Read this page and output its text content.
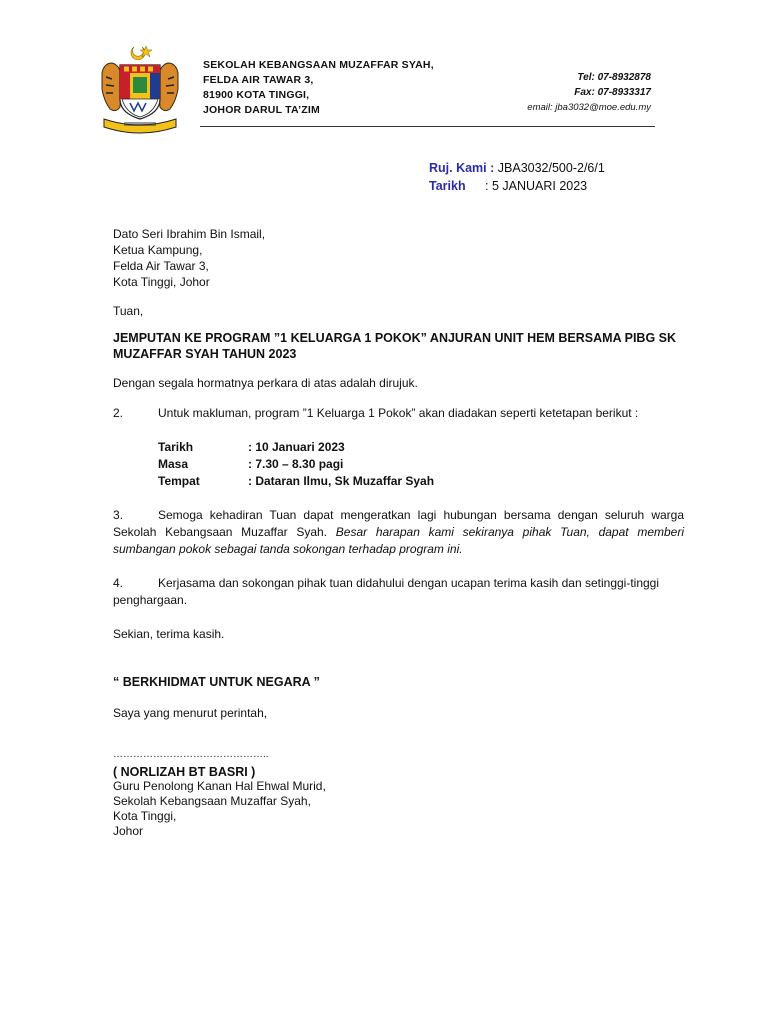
SEKOLAH KEBANGSAAN MUZAFFAR SYAH,
FELDA AIR TAWAR 3,
81900 KOTA TINGGI,
JOHOR DARUL TA’ZIM
Tel: 07-8932878
Fax: 07-8933317
email: jba3032@moe.edu.my
Ruj. Kami : JBA3032/500-2/6/1
Tarikh : 5 JANUARI 2023
Dato Seri Ibrahim Bin Ismail,
Ketua Kampung,
Felda Air Tawar 3,
Kota Tinggi, Johor
Tuan,
JEMPUTAN KE PROGRAM ”1 KELUARGA 1 POKOK” ANJURAN UNIT HEM BERSAMA PIBG SK MUZAFFAR SYAH TAHUN 2023
Dengan segala hormatnya perkara di atas adalah dirujuk.
2.	Untuk makluman, program ”1 Keluarga 1 Pokok” akan diadakan seperti ketetapan berikut :
Tarikh	: 10 Januari 2023
Masa	: 7.30 – 8.30 pagi
Tempat	: Dataran Ilmu, Sk Muzaffar Syah
3.	Semoga kehadiran Tuan dapat mengeratkan lagi hubungan bersama dengan seluruh warga Sekolah Kebangsaan Muzaffar Syah. Besar harapan kami sekiranya pihak Tuan, dapat memberi sumbangan pokok sebagai tanda sokongan terhadap program ini.
4.	Kerjasama dan sokongan pihak tuan didahului dengan ucapan terima kasih dan setinggi-tinggi penghargaan.
Sekian, terima kasih.
“ BERKHIDMAT UNTUK NEGARA ”
Saya yang menurut perintah,
………………………………………..
( NORLIZAH BT BASRI )
Guru Penolong Kanan Hal Ehwal Murid,
Sekolah Kebangsaan Muzaffar Syah,
Kota Tinggi,
Johor
